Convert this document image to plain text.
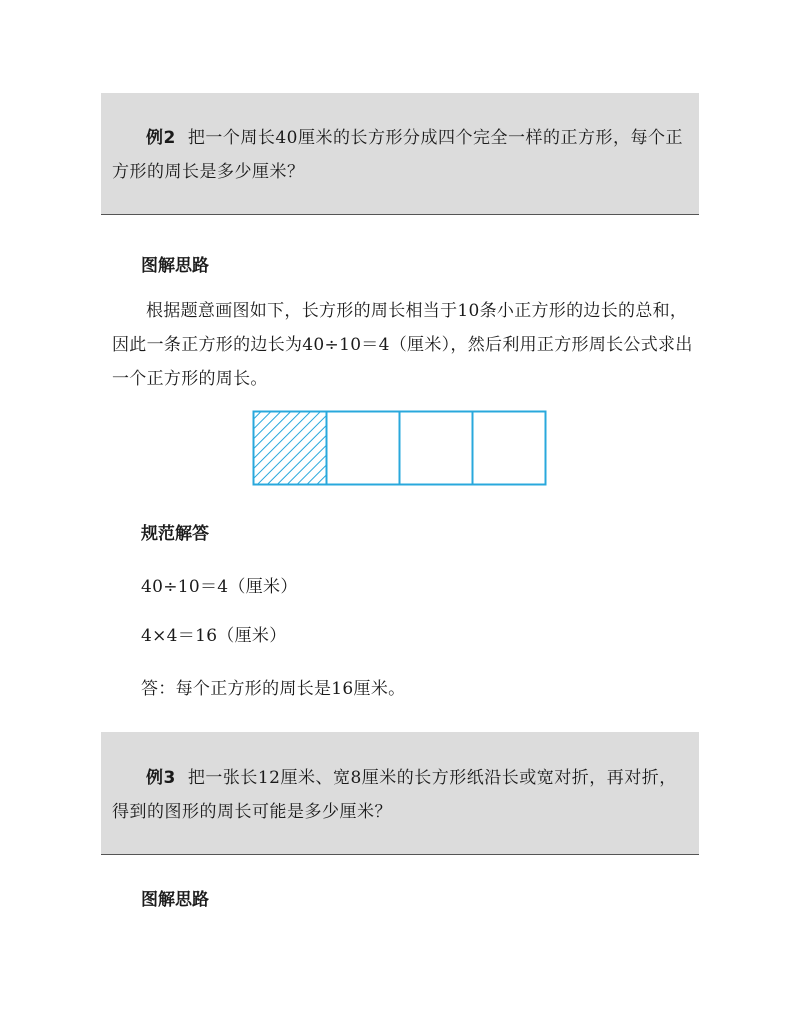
例2 把一个周长40厘米的长方形分成四个完全一样的正方形，每个正方形的周长是多少厘米？

图解思路

根据题意画图如下，长方形的周长相当于10条小正方形的边长的总和，因此一条正方形的边长为40÷10＝4（厘米），然后利用正方形周长公式求出一个正方形的周长。

规范解答

40÷10＝4（厘米）

4×4＝16（厘米）

答：每个正方形的周长是16厘米。

例3 把一张长12厘米、宽8厘米的长方形纸沿长或宽对折，再对折，得到的图形的周长可能是多少厘米？

图解思路
